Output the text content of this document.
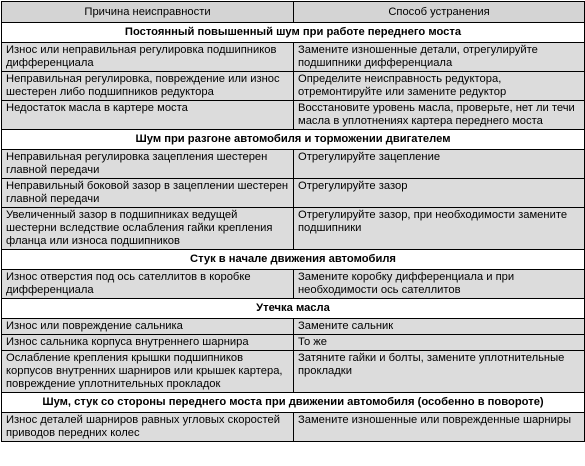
Причина неисправности	Способ устранения
Постоянный повышенный шум при работе переднего моста	
Износ или неправильная регулировка подшипников дифференциала	Замените изношенные детали, отрегулируйте подшипники дифференциала
Неправильная регулировка, повреждение или износ шестерен либо подшипников редуктора	Определите неисправность редуктора, отремонтируйте или замените редуктор
Недостаток масла в картере моста	Восстановите уровень масла, проверьте, нет ли течи масла в уплотнениях картера переднего моста
Шум при разгоне автомобиля и торможении двигателем	
Неправильная регулировка зацепления шестерен главной передачи	Отрегулируйте зацепление
Неправильный боковой зазор в зацеплении шестерен главной передачи	Отрегулируйте зазор
Увеличенный зазор в подшипниках ведущей шестерни вследствие ослабления гайки крепления фланца или износа подшипников	Отрегулируйте зазор, при необходимости замените подшипники
Стук в начале движения автомобиля	
Износ отверстия под ось сателлитов в коробке дифференциала	Замените коробку дифференциала и при необходимости ось сателлитов
Утечка масла	
Износ или повреждение сальника	Замените сальник
Износ сальника корпуса внутреннего шарнира	То же
Ослабление крепления крышки подшипников корпусов внутренних шарниров или крышек картера, повреждение уплотнительных прокладок	Затяните гайки и болты, замените уплотнительные прокладки
Шум, стук со стороны переднего моста при движении автомобиля (особенно в повороте)	
Износ деталей шарниров равных угловых скоростей приводов передних колес	Замените изношенные или поврежденные шарниры
